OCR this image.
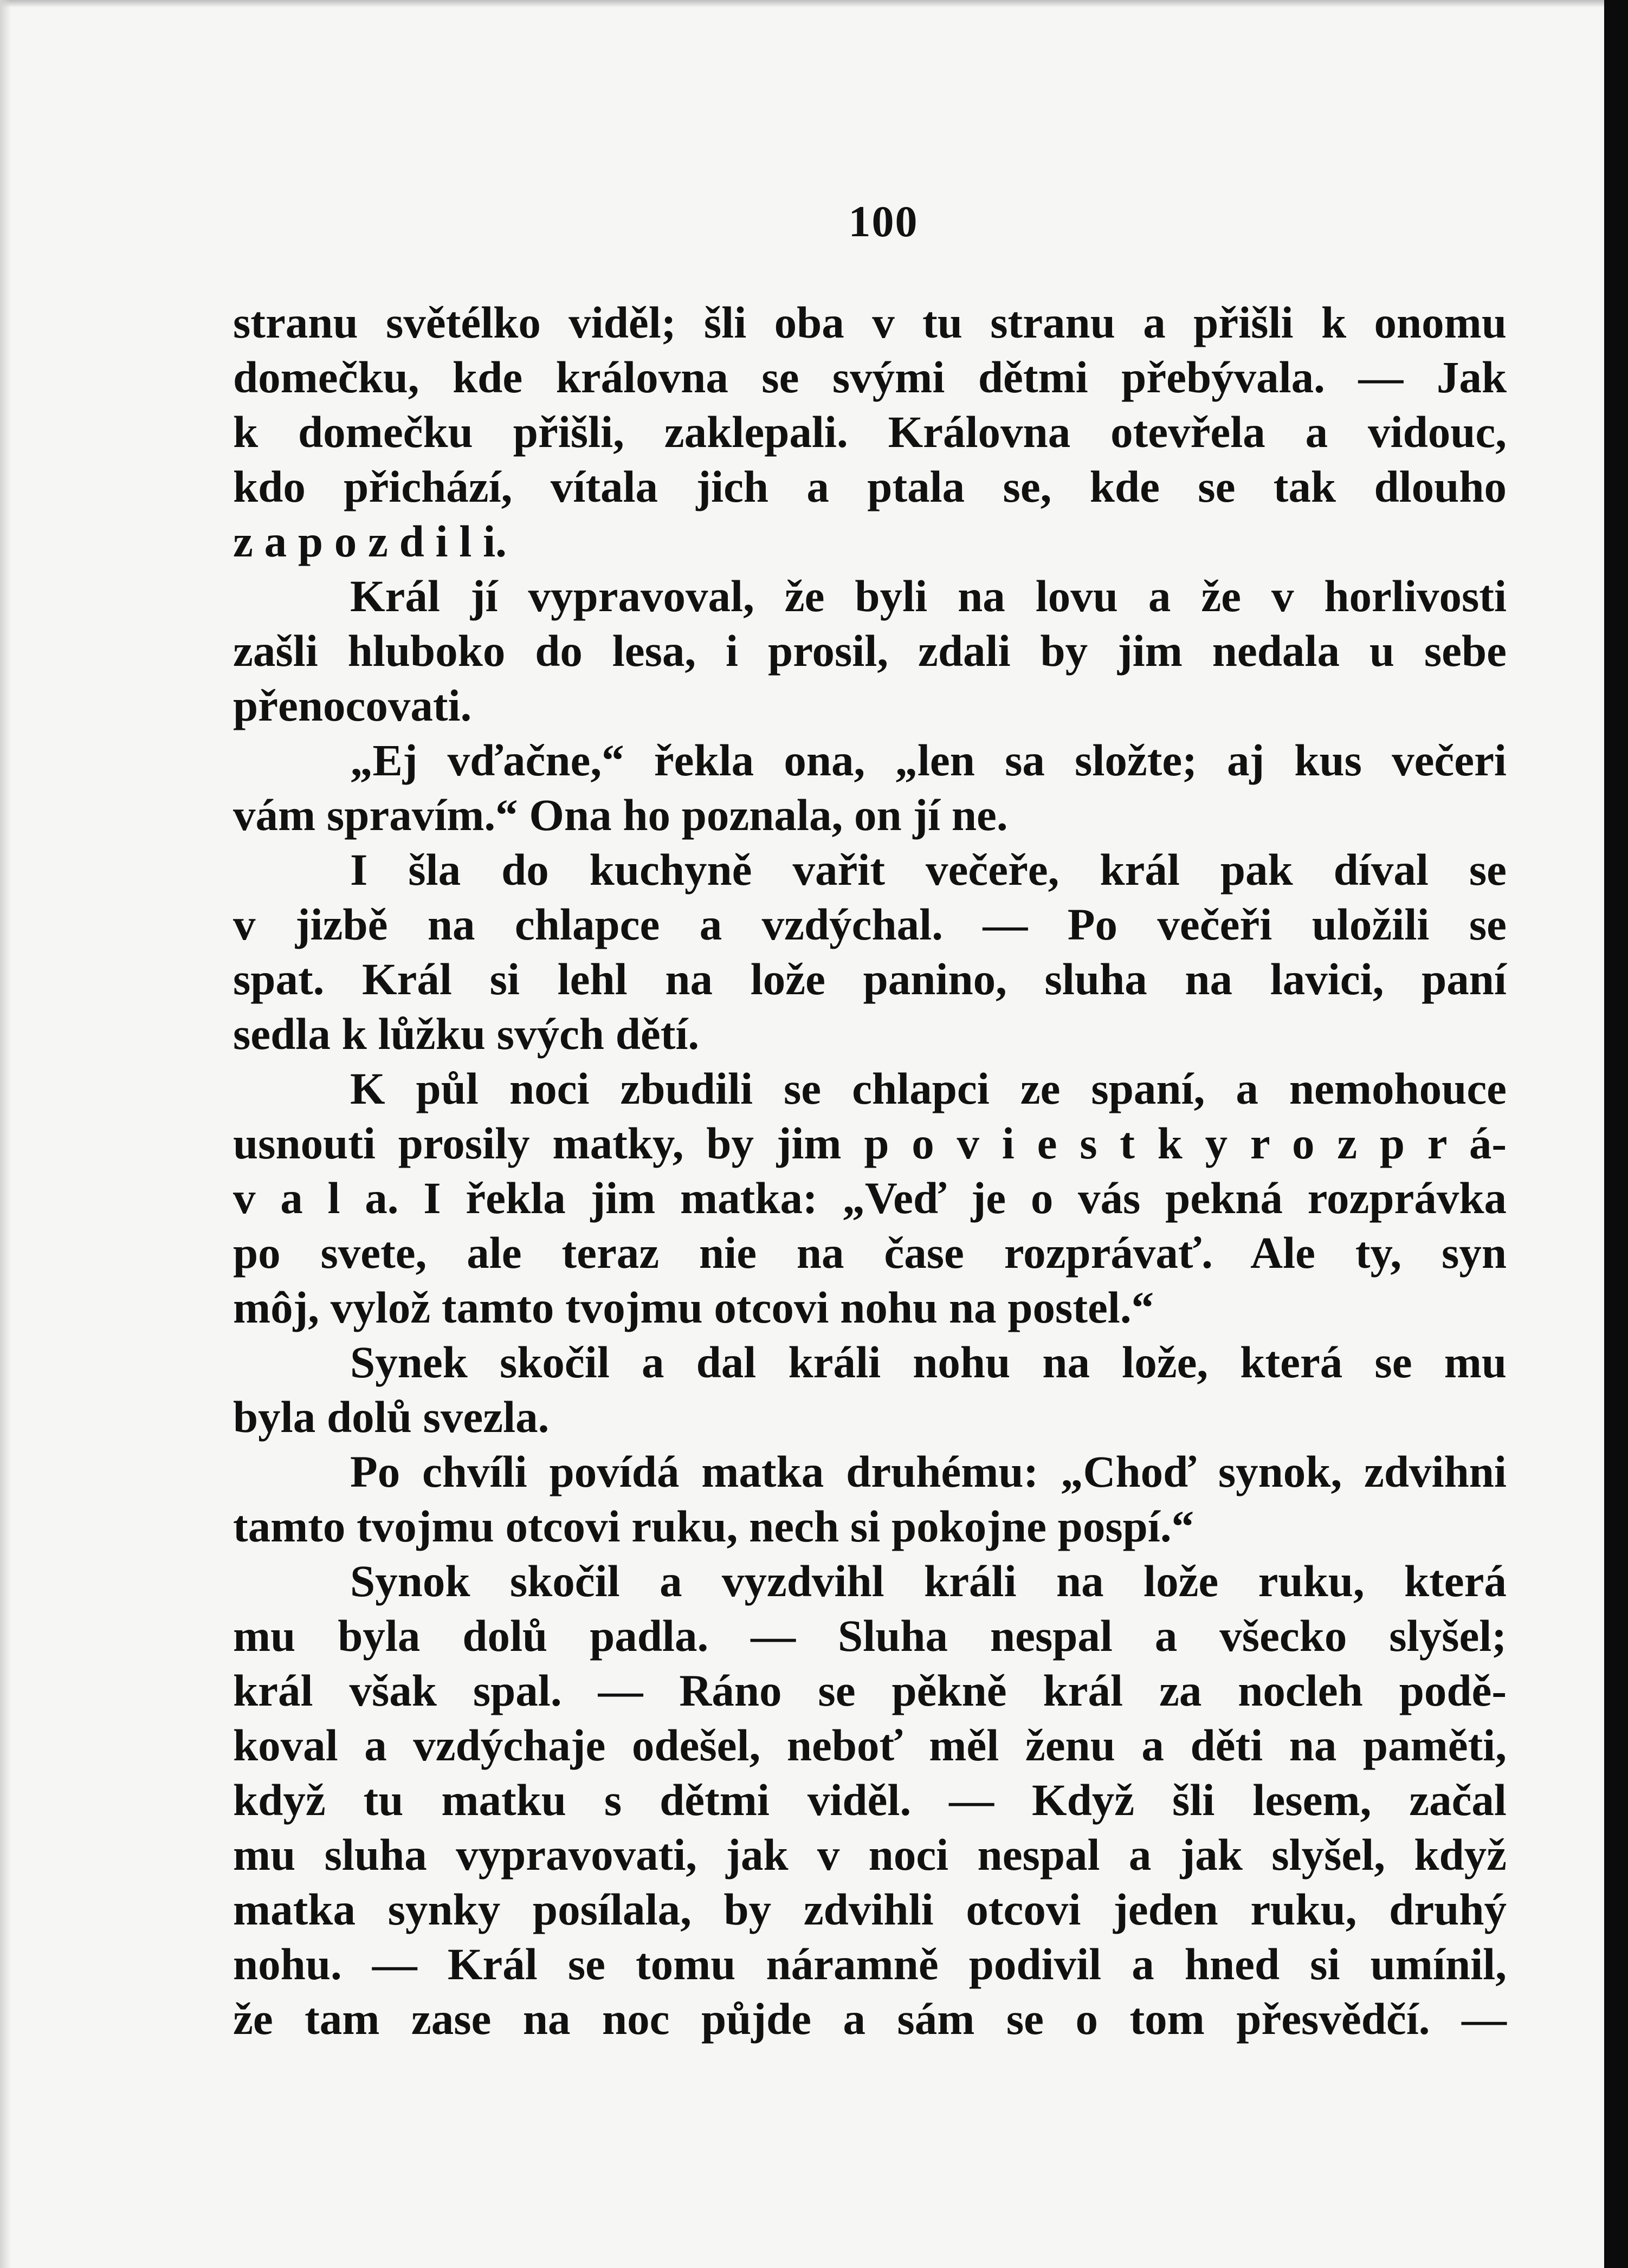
100
stranu světélko viděl; šli oba v tu stranu a přišli k onomu
domečku, kde královna se svými dětmi přebývala. — Jak
k domečku přišli, zaklepali. Královna otevřela a vidouc,
kdo přichází, vítala jich a ptala se, kde se tak dlouho
z a p o z d i l i.
Král jí vypravoval, že byli na lovu a že v horlivosti
zašli hluboko do lesa, i prosil, zdali by jim nedala u sebe
přenocovati.
„Ej vďačne,“ řekla ona, „len sa složte; aj kus večeri
vám spravím.“ Ona ho poznala, on jí ne.
I šla do kuchyně vařit večeře, král pak díval se
v jizbě na chlapce a vzdýchal. — Po večeři uložili se
spat. Král si lehl na lože panino, sluha na lavici, paní
sedla k lůžku svých dětí.
K půl noci zbudili se chlapci ze spaní, a nemohouce
usnouti prosily matky, by jim p o v i e s t k y r o z p r á-
v a l a. I řekla jim matka: „Veď je o vás pekná rozprávka
po svete, ale teraz nie na čase rozprávať. Ale ty, syn
môj, vylož tamto tvojmu otcovi nohu na postel.“
Synek skočil a dal králi nohu na lože, která se mu
byla dolů svezla.
Po chvíli povídá matka druhému: „Choď synok, zdvihni
tamto tvojmu otcovi ruku, nech si pokojne pospí.“
Synok skočil a vyzdvihl králi na lože ruku, která
mu byla dolů padla. — Sluha nespal a všecko slyšel;
král však spal. — Ráno se pěkně král za nocleh podě-
koval a vzdýchaje odešel, neboť měl ženu a děti na paměti,
když tu matku s dětmi viděl. — Když šli lesem, začal
mu sluha vypravovati, jak v noci nespal a jak slyšel, když
matka synky posílala, by zdvihli otcovi jeden ruku, druhý
nohu. — Král se tomu náramně podivil a hned si umínil,
že tam zase na noc půjde a sám se o tom přesvědčí. —
